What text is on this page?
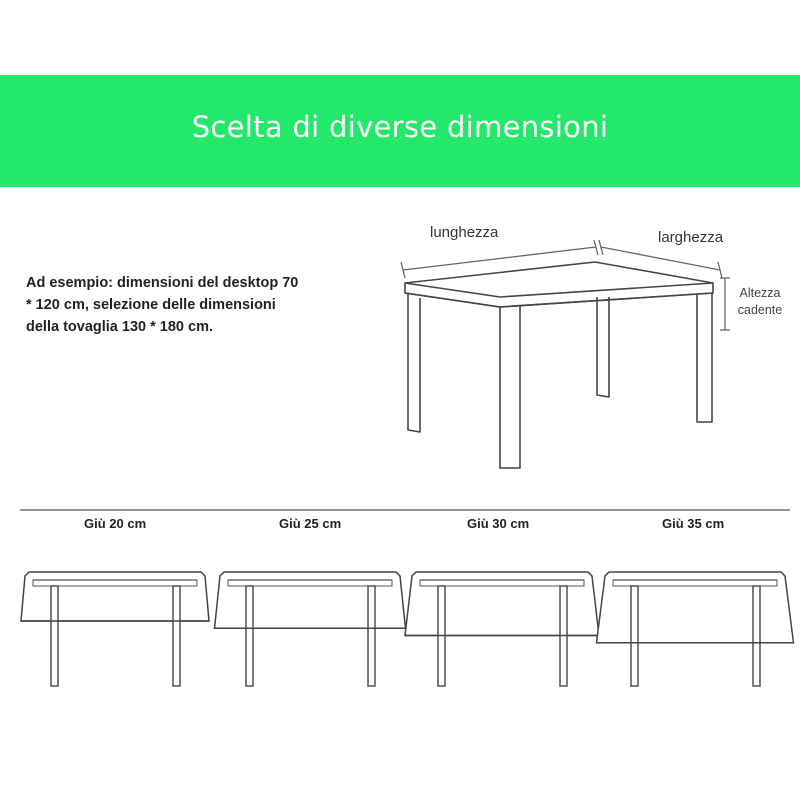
Scelta di diverse dimensioni
Ad esempio: dimensioni del desktop 70
* 120 cm, selezione delle dimensioni
della tovaglia 130 * 180 cm.
lunghezza	larghezza
Altezza
cadente
Giù 20 cm	Giù 25 cm	Giù 30 cm	Giù 35 cm
